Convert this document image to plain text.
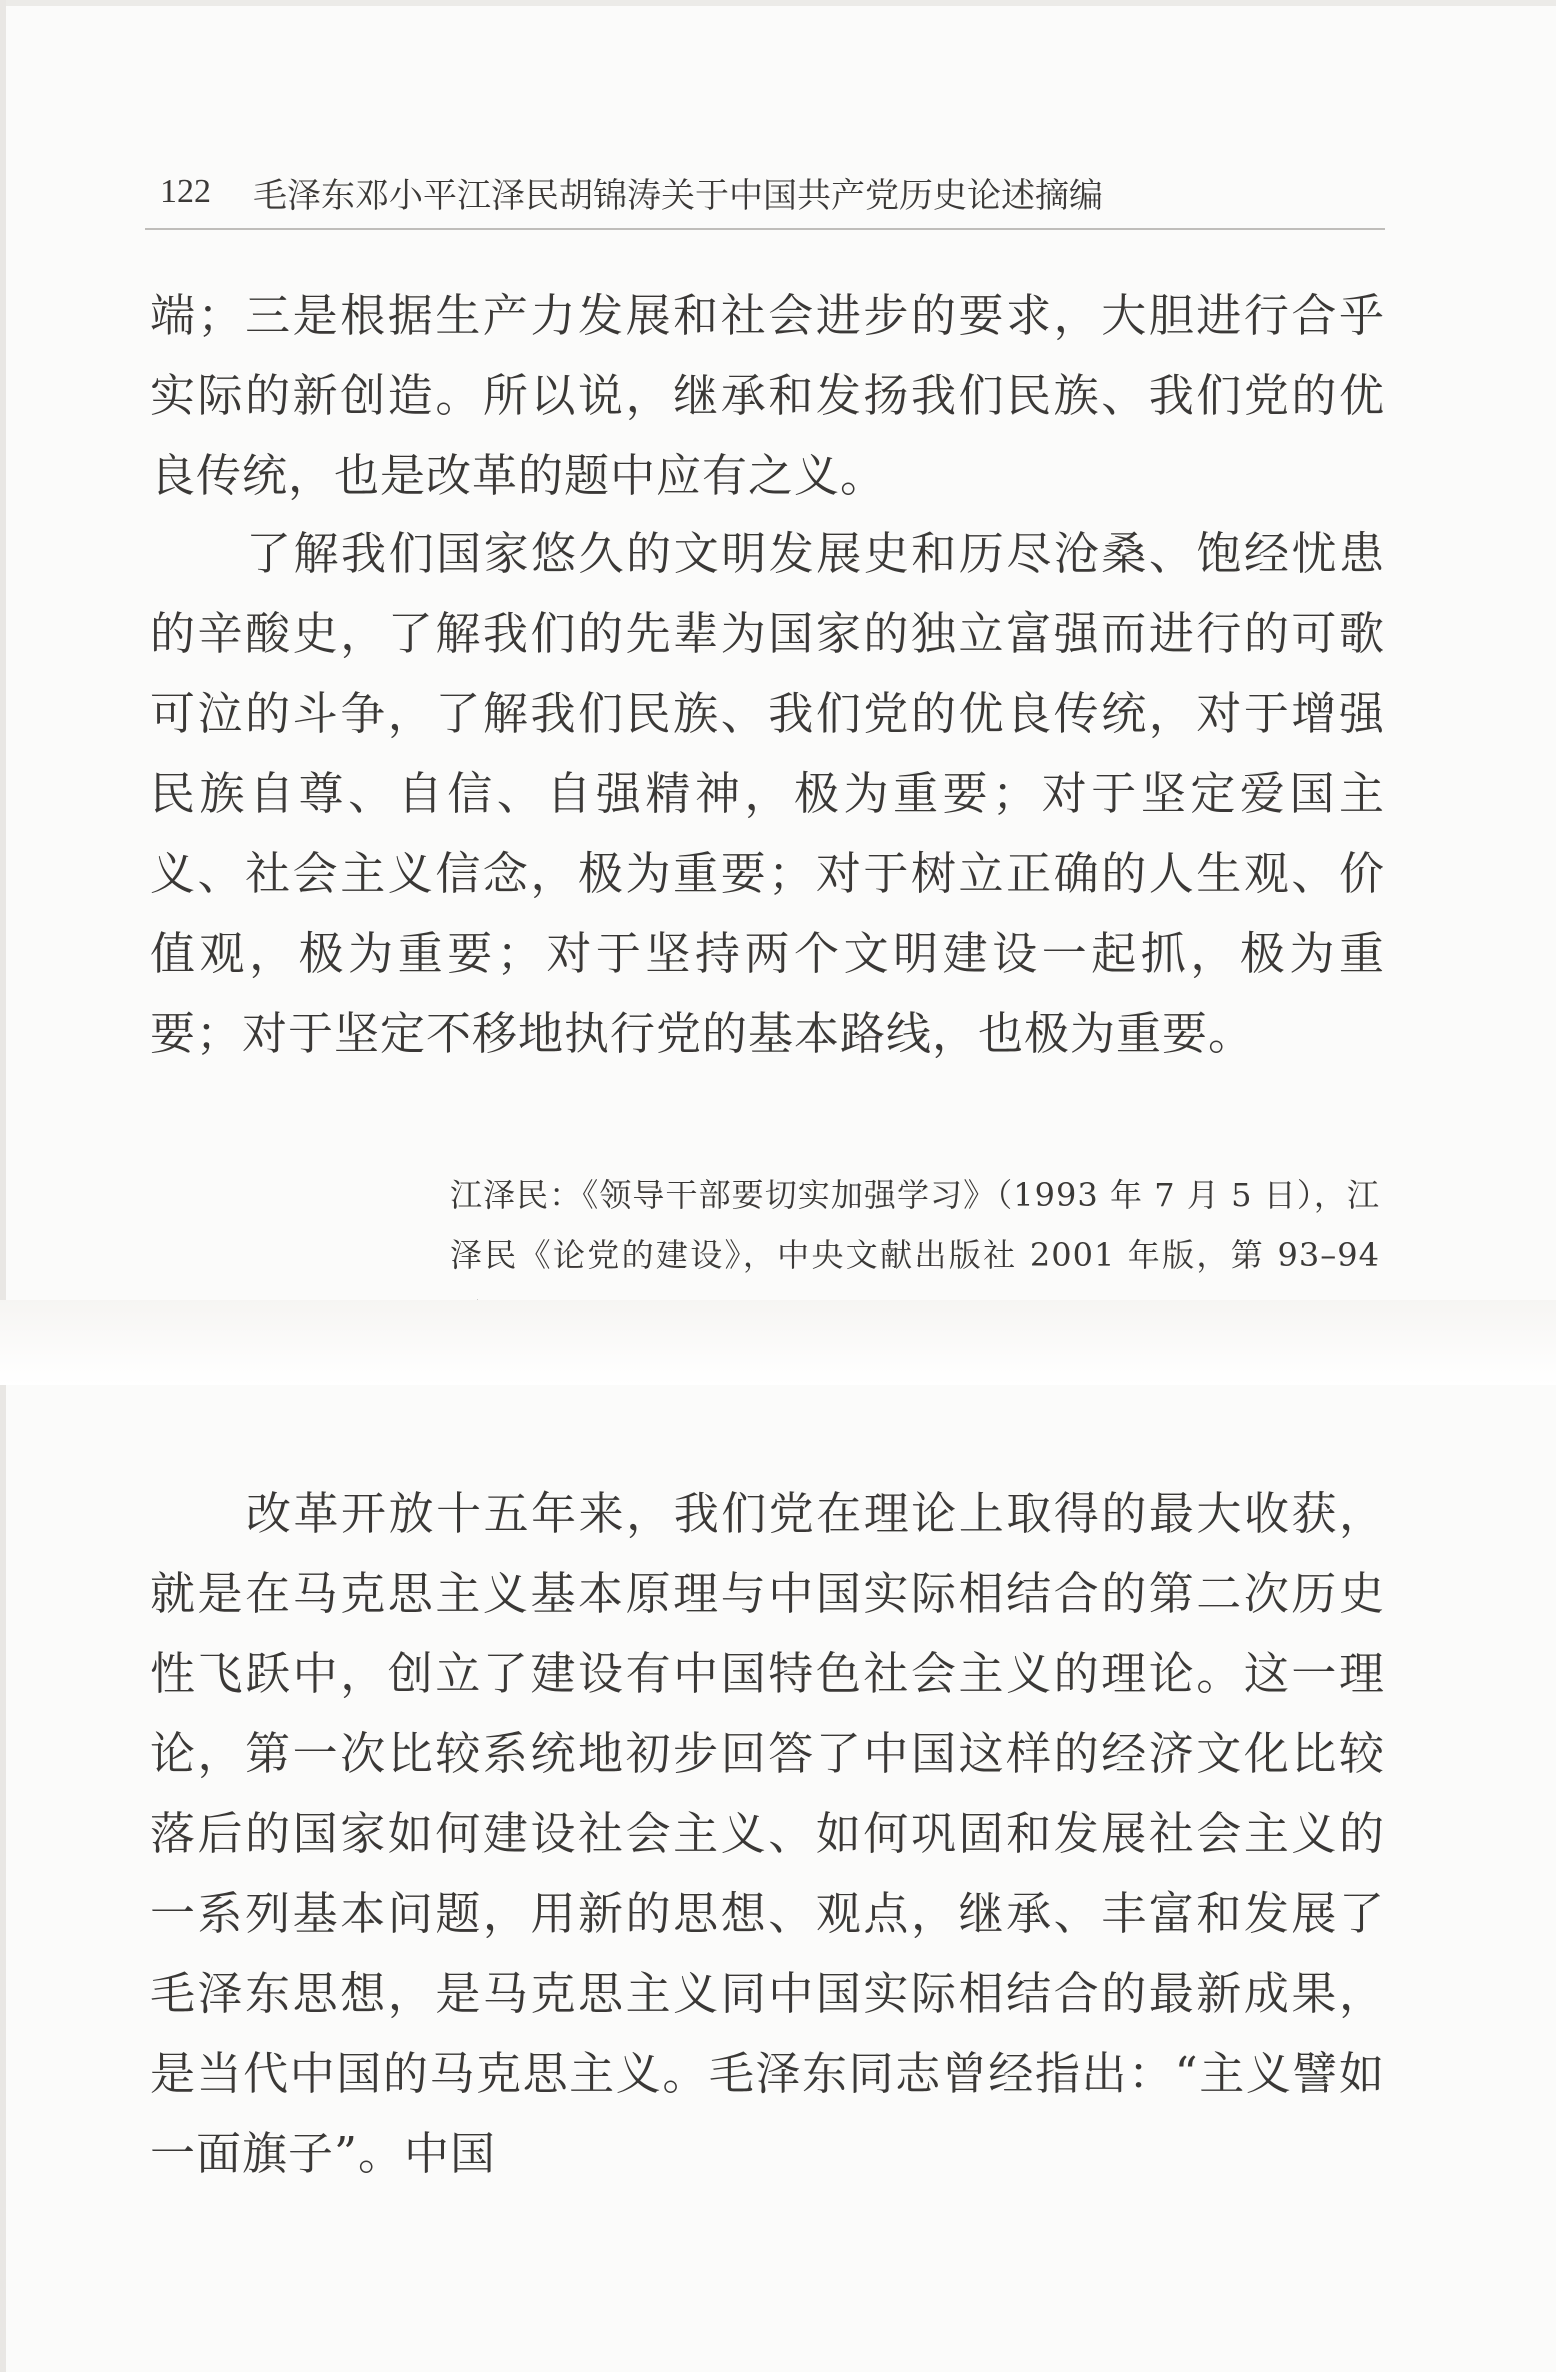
122 毛泽东邓小平江泽民胡锦涛关于中国共产党历史论述摘编

端；三是根据生产力发展和社会进步的要求，大胆进行合乎实际的新创造。所以说，继承和发扬我们民族、我们党的优良传统，也是改革的题中应有之义。

了解我们国家悠久的文明发展史和历尽沧桑、饱经忧患的辛酸史，了解我们的先辈为国家的独立富强而进行的可歌可泣的斗争，了解我们民族、我们党的优良传统，对于增强民族自尊、自信、自强精神，极为重要；对于坚定爱国主义、社会主义信念，极为重要；对于树立正确的人生观、价值观，极为重要；对于坚持两个文明建设一起抓，极为重要；对于坚定不移地执行党的基本路线，也极为重要。

江泽民：《领导干部要切实加强学习》（1993 年 7 月 5 日），江泽民《论党的建设》，中央文献出版社 2001 年版，第 93–94

改革开放十五年来，我们党在理论上取得的最大收获，就是在马克思主义基本原理与中国实际相结合的第二次历史性飞跃中，创立了建设有中国特色社会主义的理论。这一理论，第一次比较系统地初步回答了中国这样的经济文化比较落后的国家如何建设社会主义、如何巩固和发展社会主义的一系列基本问题，用新的思想、观点，继承、丰富和发展了毛泽东思想，是马克思主义同中国实际相结合的最新成果，是当代中国的马克思主义。毛泽东同志曾经指出：“主义譬如一面旗子”。中国
